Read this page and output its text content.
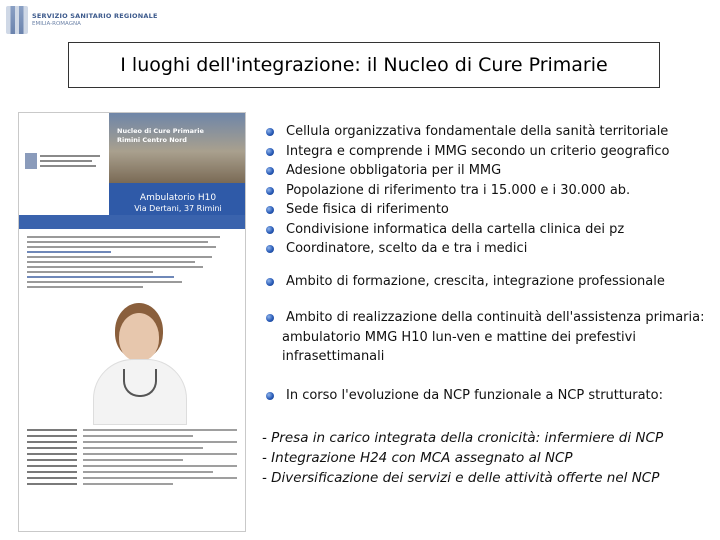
SERVIZIO SANITARIO REGIONALE
EMILIA-ROMAGNA
I luoghi dell'integrazione: il Nucleo di Cure Primarie
Nucleo di Cure Primarie
Rimini Centro Nord
Ambulatorio H10
Via Dertani, 37 Rimini
Cellula organizzativa fondamentale della sanità territoriale
Integra e comprende i MMG secondo un criterio geografico
Adesione obbligatoria per il MMG
Popolazione di riferimento tra i 15.000 e i 30.000 ab.
Sede fisica di riferimento
Condivisione informatica della cartella clinica dei pz
Coordinatore, scelto da e tra i medici
Ambito di formazione, crescita, integrazione professionale
Ambito di realizzazione della continuità dell'assistenza primaria:
ambulatorio MMG H10 lun-ven e mattine dei prefestivi
infrasettimanali
In corso l'evoluzione da NCP funzionale a NCP strutturato:
- Presa in carico integrata della cronicità: infermiere di NCP
- Integrazione H24 con MCA assegnato al NCP
- Diversificazione dei servizi e delle attività offerte nel NCP
